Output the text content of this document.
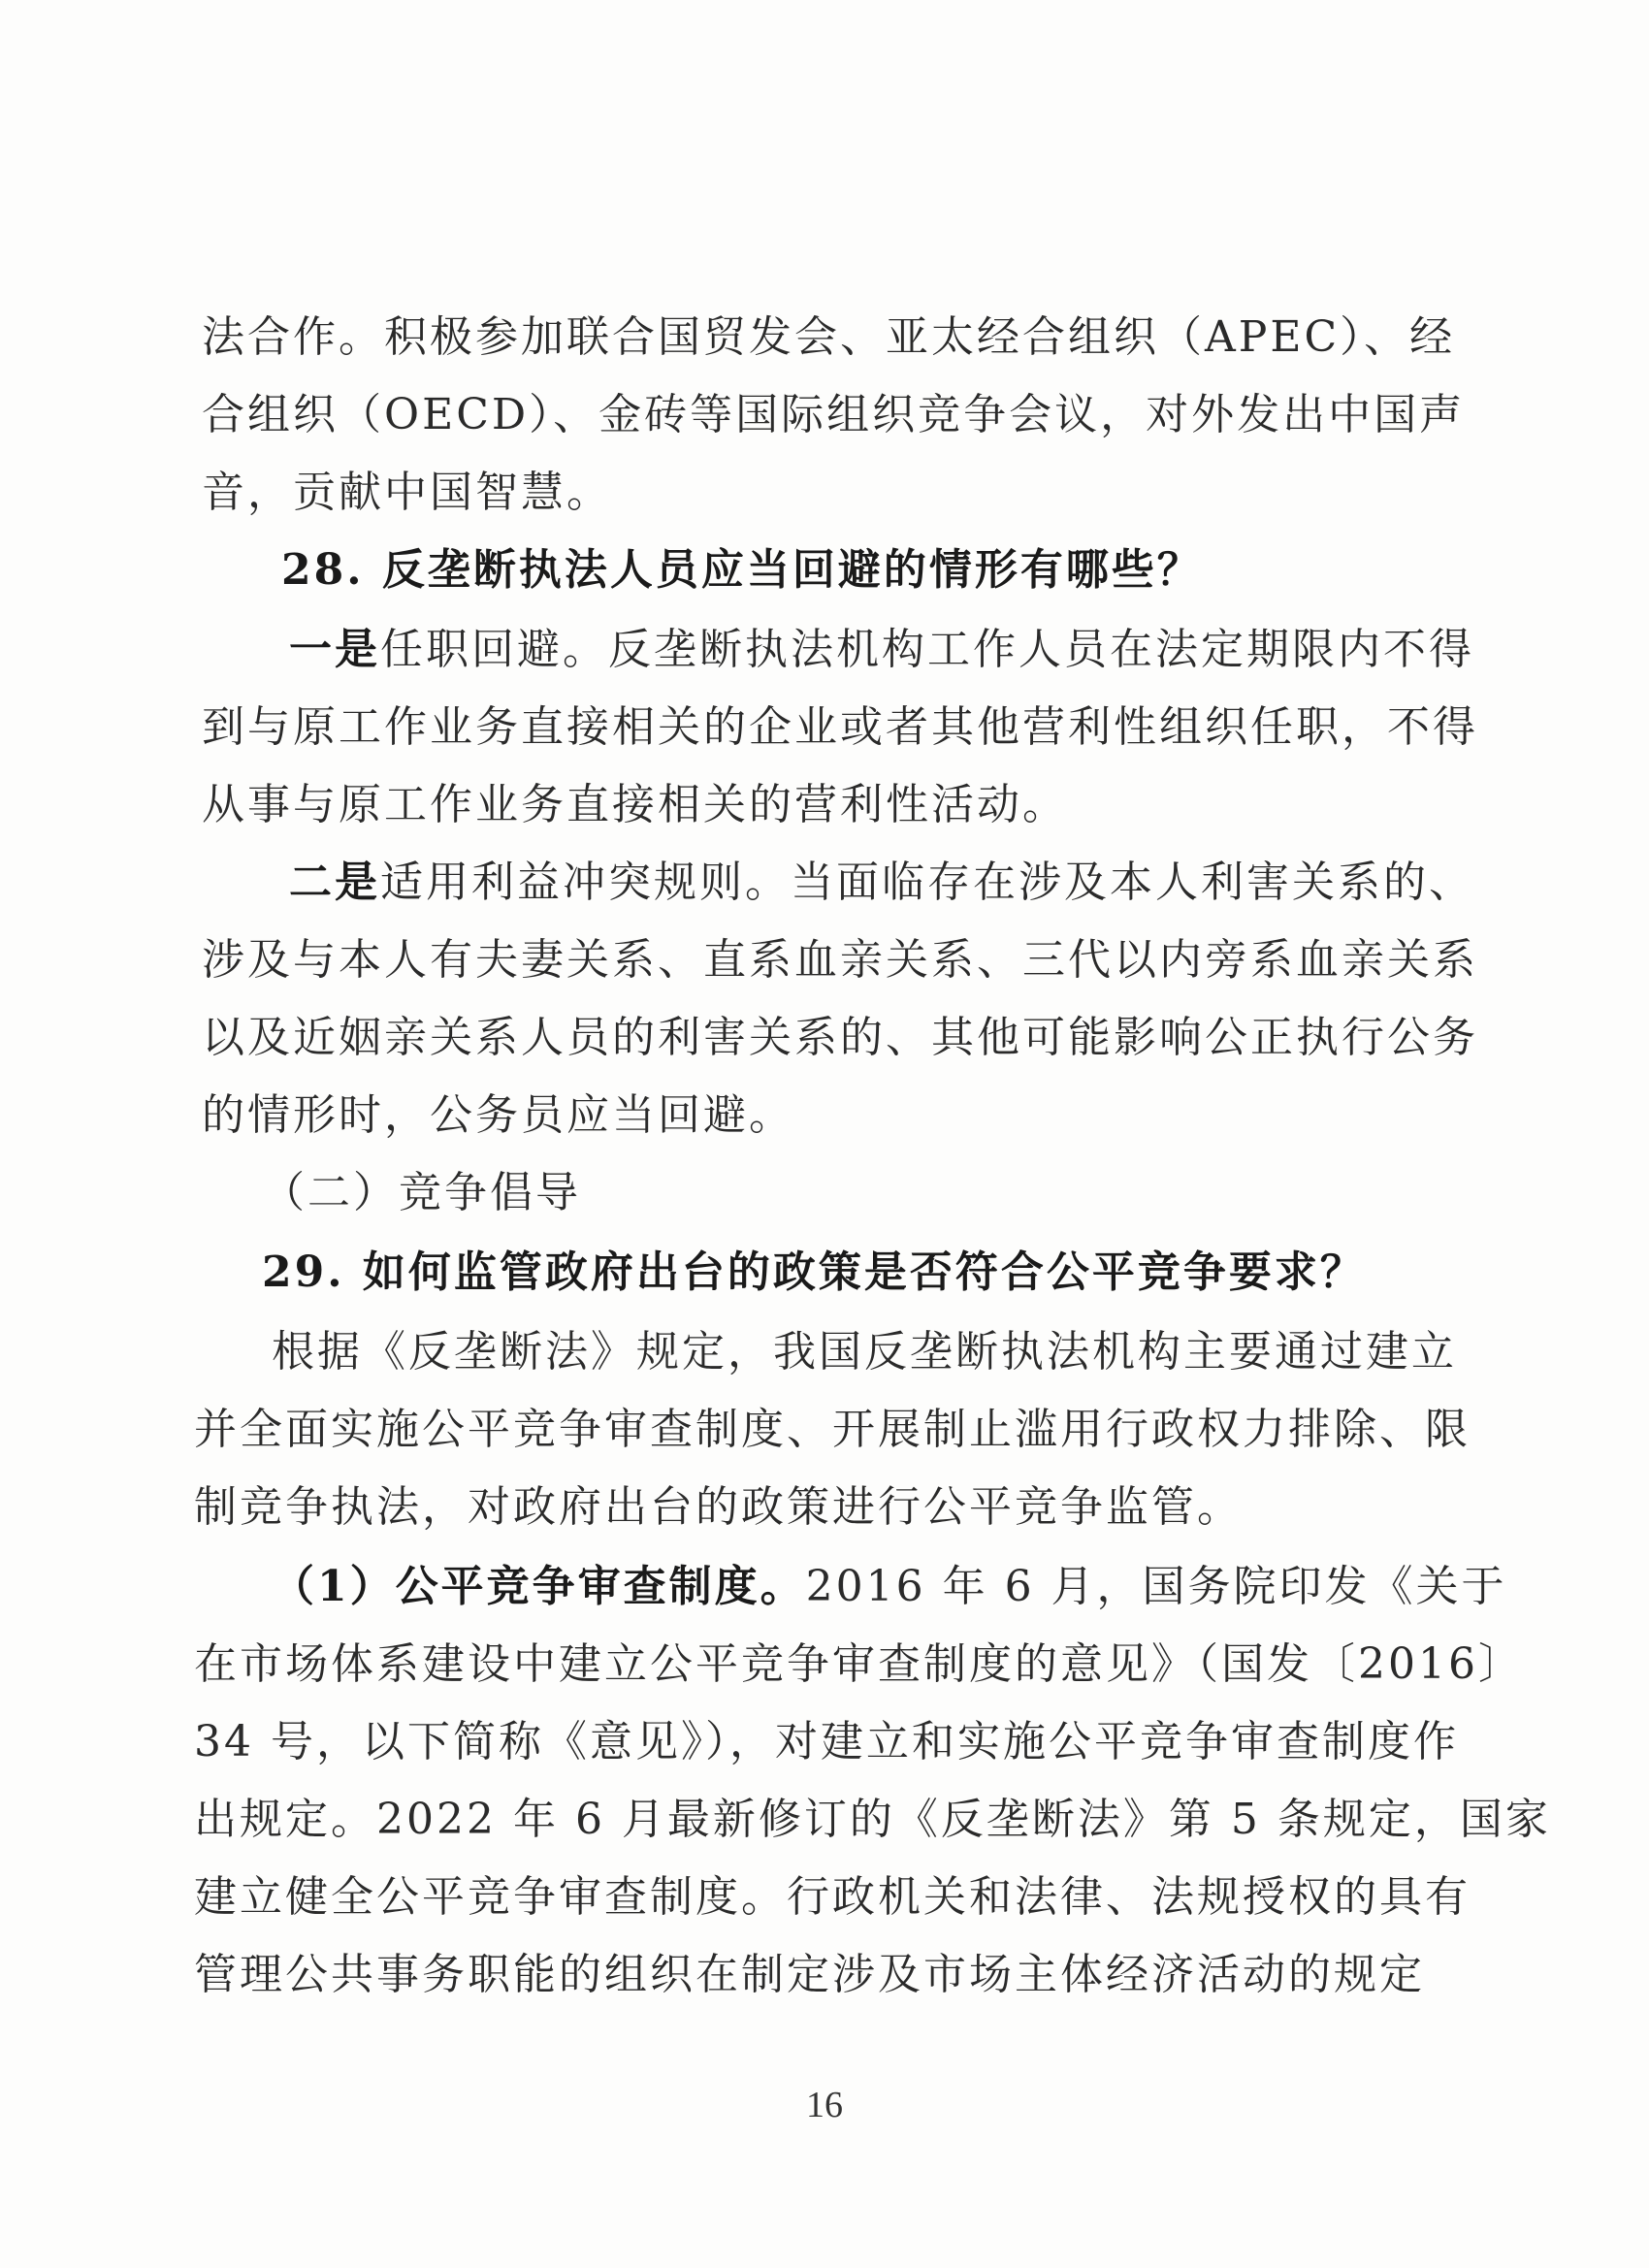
法合作。积极参加联合国贸发会、亚太经合组织（APEC）、经
合组织（OECD）、金砖等国际组织竞争会议，对外发出中国声
音，贡献中国智慧。
28. 反垄断执法人员应当回避的情形有哪些？
一是任职回避。反垄断执法机构工作人员在法定期限内不得
到与原工作业务直接相关的企业或者其他营利性组织任职，不得
从事与原工作业务直接相关的营利性活动。
二是适用利益冲突规则。当面临存在涉及本人利害关系的、
涉及与本人有夫妻关系、直系血亲关系、三代以内旁系血亲关系
以及近姻亲关系人员的利害关系的、其他可能影响公正执行公务
的情形时，公务员应当回避。
（二）竞争倡导
29. 如何监管政府出台的政策是否符合公平竞争要求？
根据《反垄断法》规定，我国反垄断执法机构主要通过建立
并全面实施公平竞争审查制度、开展制止滥用行政权力排除、限
制竞争执法，对政府出台的政策进行公平竞争监管。
（1）公平竞争审查制度。2016 年 6 月，国务院印发《关于
在市场体系建设中建立公平竞争审查制度的意见》（国发〔2016〕
34 号，以下简称《意见》），对建立和实施公平竞争审查制度作
出规定。2022 年 6 月最新修订的《反垄断法》第 5 条规定，国家
建立健全公平竞争审查制度。行政机关和法律、法规授权的具有
管理公共事务职能的组织在制定涉及市场主体经济活动的规定
16
